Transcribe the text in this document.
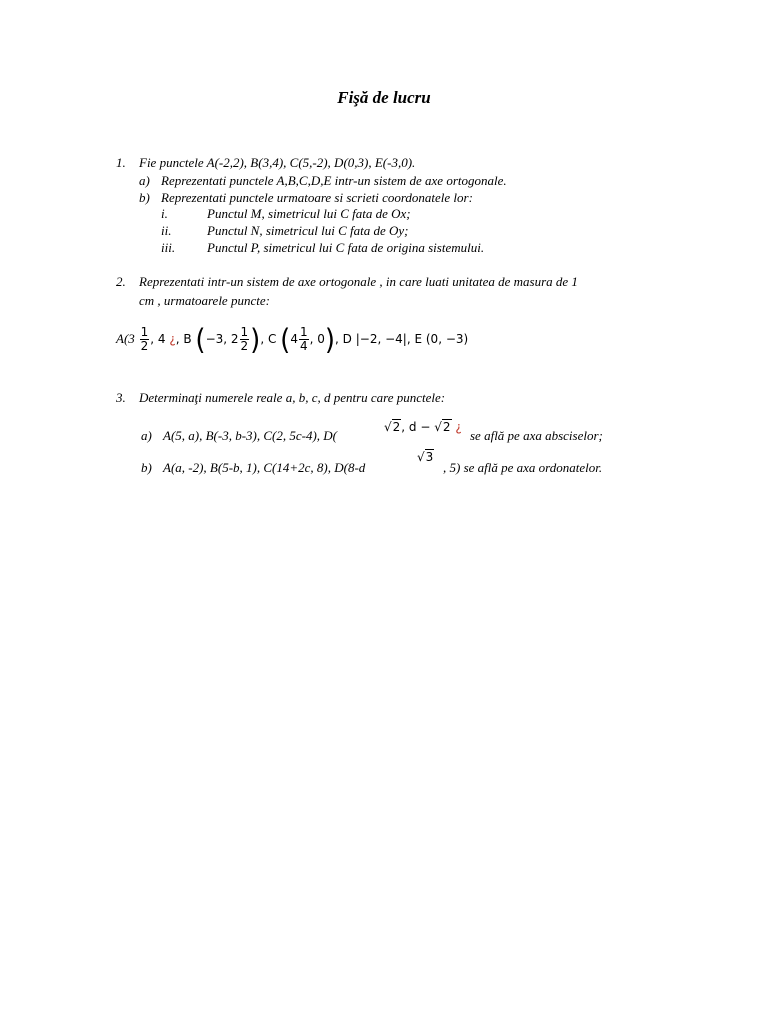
Fişă de lucru
1. Fie punctele A(-2,2), B(3,4), C(5,-2), D(0,3), E(-3,0).
a) Reprezentati punctele A,B,C,D,E intr-un sistem de axe ortogonale.
b) Reprezentati punctele urmatoare si scrieti coordonatele lor:
i.	Punctul M, simetricul lui C fata de Ox;
ii.	Punctul N, simetricul lui C fata de Oy;
iii. Punctul P, simetricul lui C fata de origina sistemului.
2. Reprezentati intr-un sistem de axe ortogonale , in care luati unitatea de masura de 1
cm , urmatoarele puncte:
$A(3 \frac{1}{2}$ , 4 ¿, B (−3, $2 \frac{1}{2}$ ), C ($4 \frac{1}{4}$ , 0), D |−2, −4|, E (0, −3)
3. Determinaţi numerele reale a, b, c, d pentru care punctele:
a) A(5, a), B(-3, b-3), C(2, 5c-4), D(
√2, d − √2 ¿
se află pe axa absciselor;
b) A(a, -2), B(5-b, 1), C(14+2c, 8), D(8-d
√3
, 5) se află pe axa ordonatelor.
